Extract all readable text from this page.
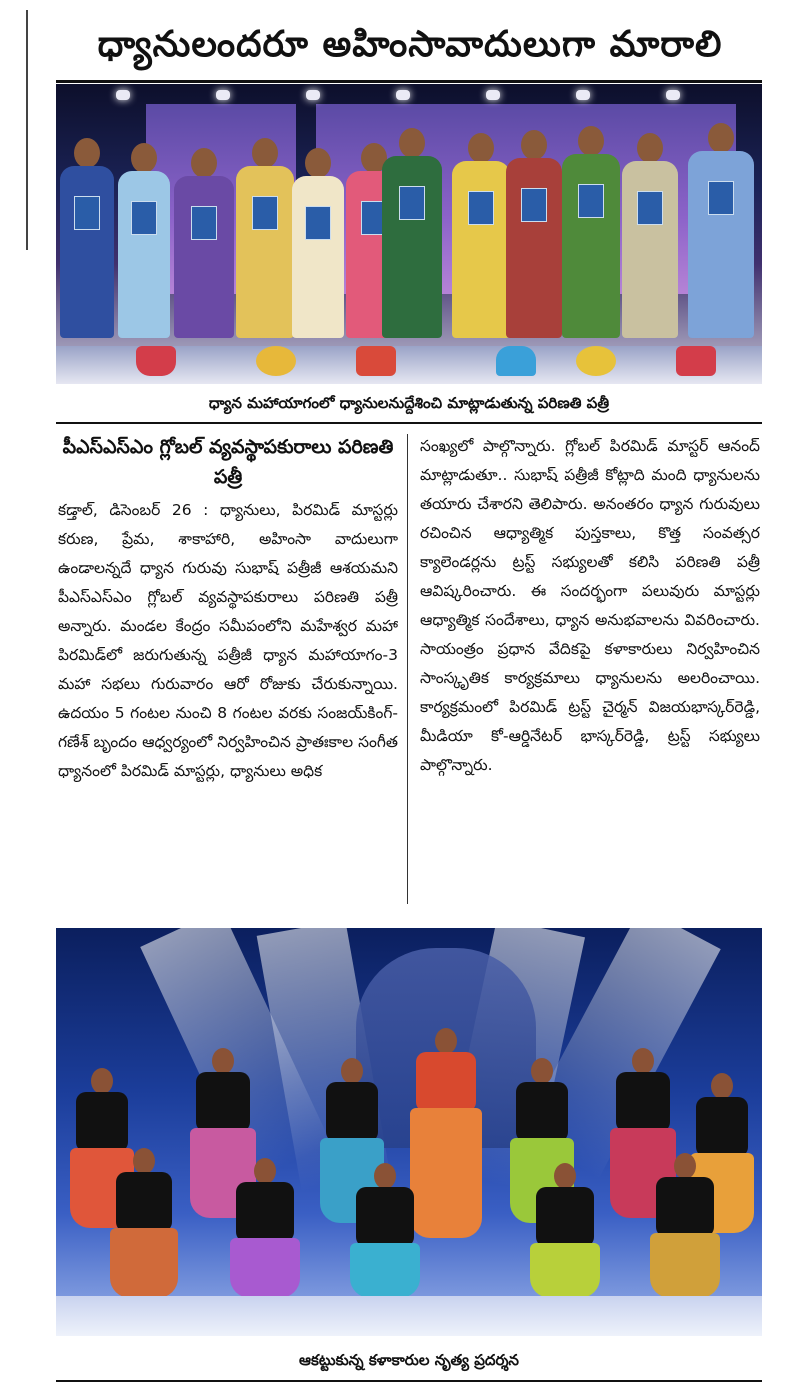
ధ్యానులందరూ అహింసావాదులుగా మారాలి
ధ్యాన మహాయాగంలో ధ్యానులనుద్దేశించి మాట్లాడుతున్న పరిణతి పత్రీ
పీఎస్ఎస్ఎం గ్లోబల్ వ్యవస్థాపకురాలు పరిణతి పత్రీ
కడ్తాల్, డిసెంబర్ 26 : ధ్యానులు, పిరమిడ్ మాస్టర్లు కరుణ, ప్రేమ, శాకాహారి, అహింసా వాదులుగా ఉండాలన్నదే ధ్యాన గురువు సుభాష్ పత్రీజీ ఆశయమని పీఎస్ఎస్ఎం గ్లోబల్ వ్యవస్థాపకురాలు పరిణతి పత్రీ అన్నారు. మండల కేంద్రం సమీపంలోని మహేశ్వర మహా పిరమిడ్‌లో జరుగుతున్న పత్రీజీ ధ్యాన మహాయాగం-3 మహా సభలు గురువారం ఆరో రోజుకు చేరుకున్నాయి. ఉదయం 5 గంటల నుంచి 8 గంటల వరకు సంజయ్‌కింగ్-గణేశ్ బృందం ఆధ్వర్యంలో నిర్వహించిన ప్రాతఃకాల సంగీత ధ్యానంలో పిరమిడ్ మాస్టర్లు, ధ్యానులు అధిక
సంఖ్యలో పాల్గొన్నారు. గ్లోబల్ పిరమిడ్ మాస్టర్ ఆనంద్ మాట్లాడుతూ.. సుభాష్ పత్రీజీ కోట్లాది మంది ధ్యానులను తయారు చేశారని తెలిపారు. అనంతరం ధ్యాన గురువులు రచించిన ఆధ్యాత్మిక పుస్తకాలు, కొత్త సంవత్సర క్యాలెండర్లను ట్రస్ట్ సభ్యులతో కలిసి పరిణతి పత్రీ ఆవిష్కరించారు. ఈ సందర్భంగా పలువురు మాస్టర్లు ఆధ్యాత్మిక సందేశాలు, ధ్యాన అనుభవాలను వివరించారు. సాయంత్రం ప్రధాన వేదికపై కళాకారులు నిర్వహించిన సాంస్కృతిక కార్యక్రమాలు ధ్యానులను అలరించాయి. కార్యక్రమంలో పిరమిడ్ ట్రస్ట్ చైర్మన్ విజయభాస్కర్‌రెడ్డి, మీడియా కో-ఆర్డినేటర్ భాస్కర్‌రెడ్డి, ట్రస్ట్ సభ్యులు పాల్గొన్నారు.
ఆకట్టుకున్న కళాకారుల నృత్య ప్రదర్శన
